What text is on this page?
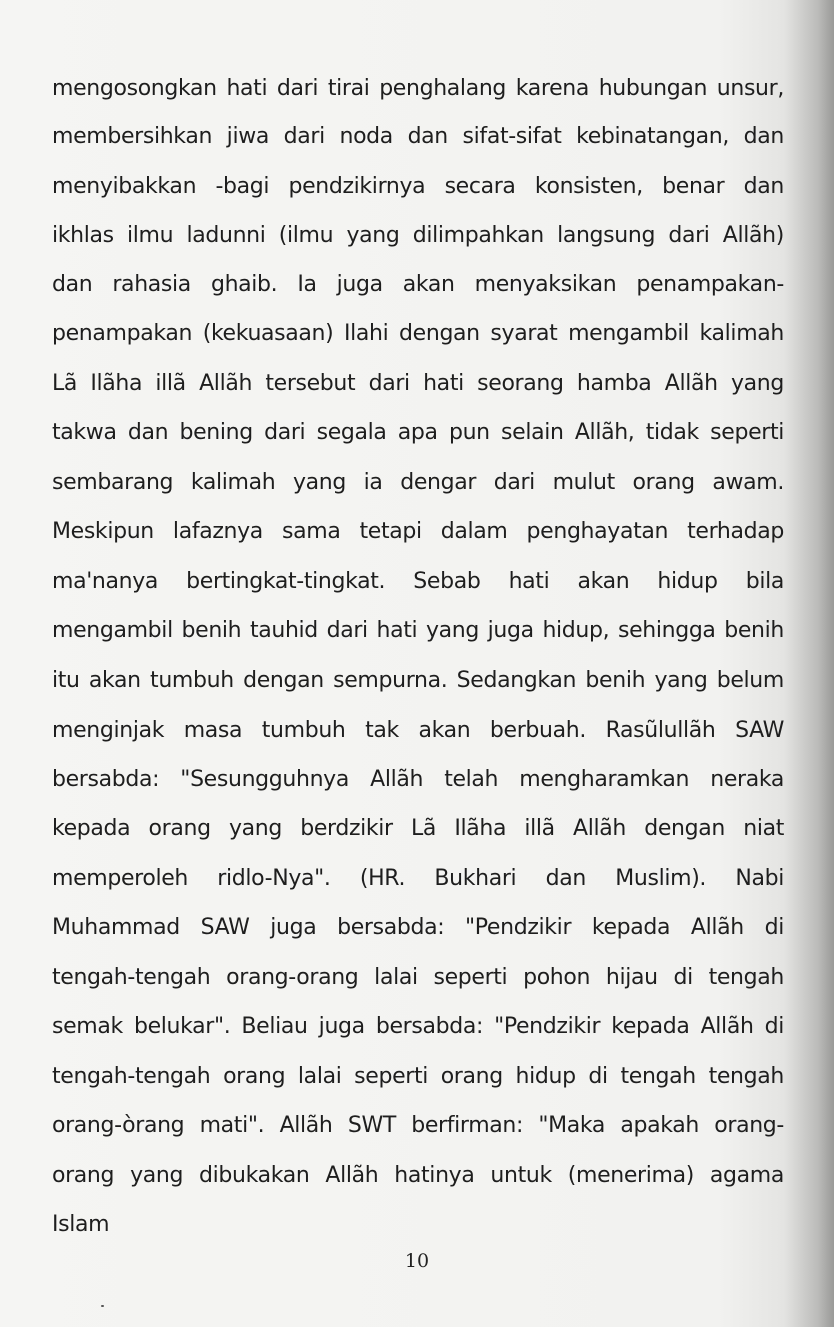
mengosongkan hati dari tirai penghalang karena hubungan unsur,
membersihkan jiwa dari noda dan sifat-sifat kebinatangan, dan
menyibakkan -bagi pendzikirnya secara konsisten, benar dan
ikhlas ilmu ladunni (ilmu yang dilimpahkan langsung dari Allãh)
dan rahasia ghaib. Ia juga akan menyaksikan penampakan-
penampakan (kekuasaan) Ilahi dengan syarat mengambil kalimah
Lã Ilãha illã Allãh tersebut dari hati seorang hamba Allãh yang
takwa dan bening dari segala apa pun selain Allãh, tidak seperti
sembarang kalimah yang ia dengar dari mulut orang awam.
Meskipun lafaznya sama tetapi dalam penghayatan terhadap
ma'nanya bertingkat-tingkat. Sebab hati akan hidup bila
mengambil benih tauhid dari hati yang juga hidup, sehingga benih
itu akan tumbuh dengan sempurna. Sedangkan benih yang belum
menginjak masa tumbuh tak akan berbuah. Rasũlullãh SAW
bersabda: "Sesungguhnya Allãh telah mengharamkan neraka
kepada orang yang berdzikir Lã Ilãha illã Allãh dengan niat
memperoleh ridlo-Nya". (HR. Bukhari dan Muslim). Nabi
Muhammad SAW juga bersabda: "Pendzikir kepada Allãh di
tengah-tengah orang-orang lalai seperti pohon hijau di tengah
semak belukar". Beliau juga bersabda: "Pendzikir kepada Allãh di
tengah-tengah orang lalai seperti orang hidup di tengah tengah
orang-òrang mati". Allãh SWT berfirman: "Maka apakah orang-
orang yang dibukakan Allãh hatinya untuk (menerima) agama
Islam
10
